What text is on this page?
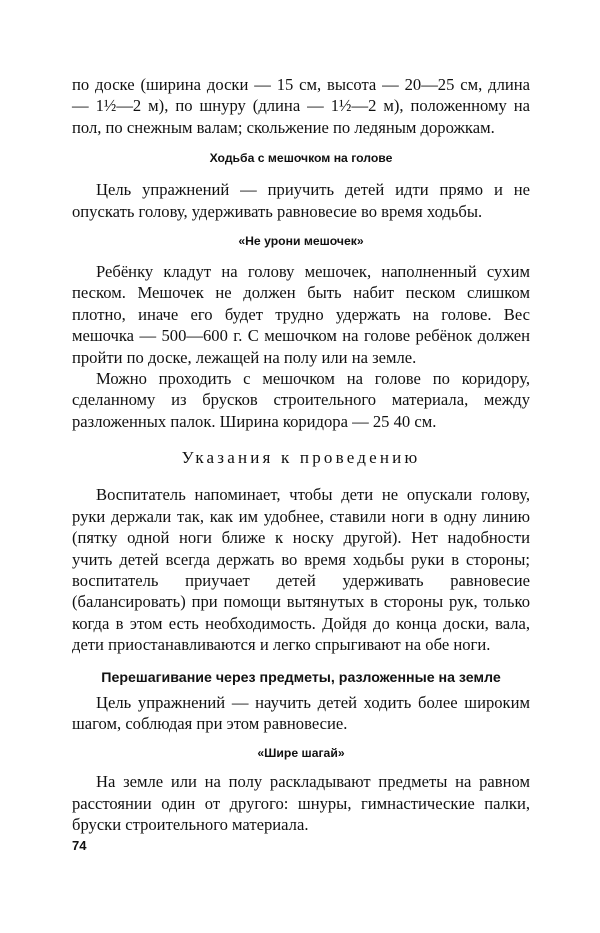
по доске (ширина доски — 15 см, высота — 20—25 см, длина — 1½—2 м), по шнуру (длина — 1½—2 м), положенному на пол, по снежным валам; скольжение по ледяным дорожкам.

Ходьба с мешочком на голове

Цель упражнений — приучить детей идти прямо и не опускать голову, удерживать равновесие во время ходьбы.

«Не урони мешочек»

Ребёнку кладут на голову мешочек, наполненный сухим песком. Мешочек не должен быть набит песком слишком плотно, иначе его будет трудно удержать на голове. Вес мешочка — 500—600 г. С мешочком на голове ребёнок должен пройти по доске, лежащей на полу или на земле.

Можно проходить с мешочком на голове по коридору, сделанному из брусков строительного материала, между разложенных палок. Ширина коридора — 25 40 см.

Указания к проведению

Воспитатель напоминает, чтобы дети не опускали голову, руки держали так, как им удобнее, ставили ноги в одну линию (пятку одной ноги ближе к носку другой). Нет надобности учить детей всегда держать во время ходьбы руки в стороны; воспитатель приучает детей удерживать равновесие (балансировать) при помощи вытянутых в стороны рук, только когда в этом есть необходимость. Дойдя до конца доски, вала, дети приостанавливаются и легко спрыгивают на обе ноги.

Перешагивание через предметы, разложенные на земле

Цель упражнений — научить детей ходить более широким шагом, соблюдая при этом равновесие.

«Шире шагай»

На земле или на полу раскладывают предметы на равном расстоянии один от другого: шнуры, гимнастические палки, бруски строительного материала.

74
